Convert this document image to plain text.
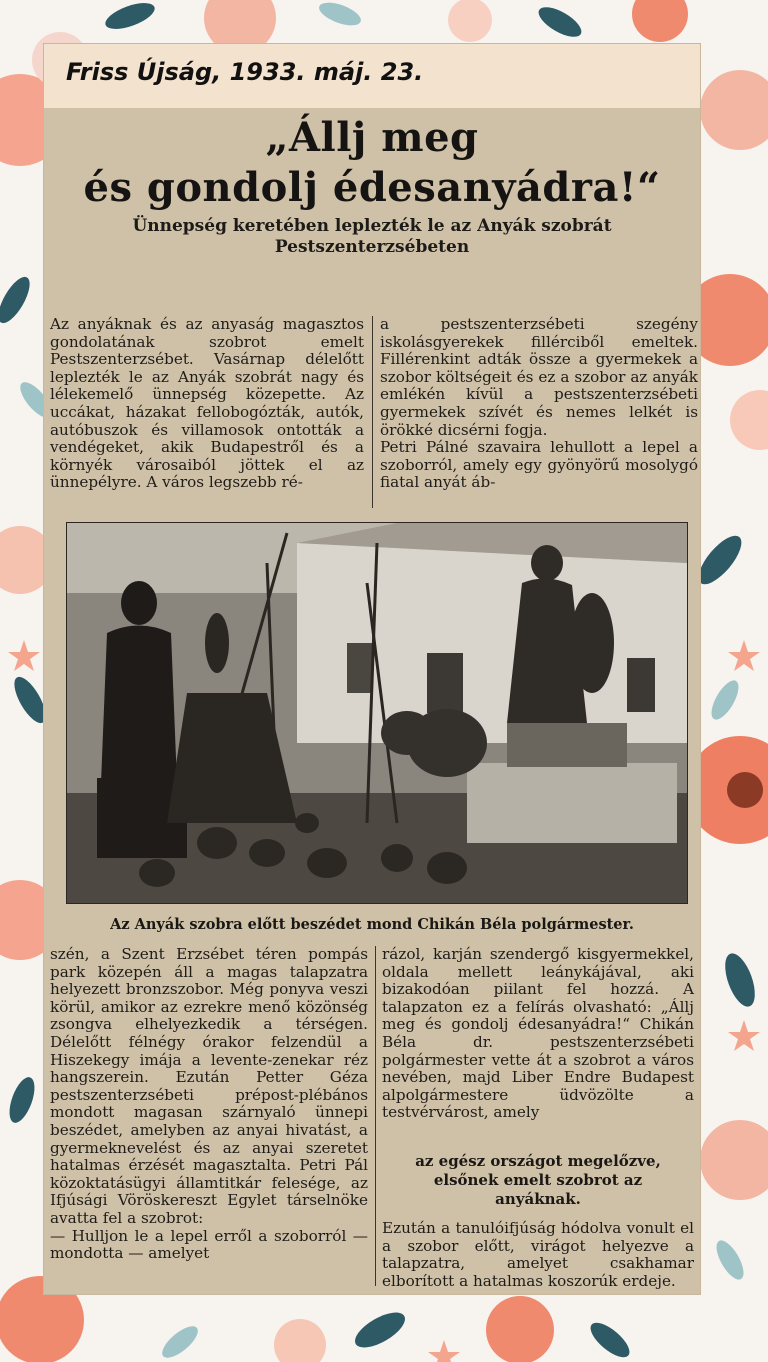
Friss Újság, 1933. máj. 23.
„Állj meg
és gondolj édesanyádra!“
Ünnepség keretében leplezték le az Anyák szobrát Pestszenterzsébeten

Az anyáknak és az anyaság magasztos gondolatának szobrot emelt Pestszenterzsébet. Vasárnap délelőtt leplezték le az Anyák szobrát nagy és lélekemelő ünnepség közepette. Az uccákat, házakat fellobogózták, autók, autóbuszok és villamosok ontották a vendégeket, akik Budapestről és a környék városaiból jöttek el az ünnepélyre. A város legszebb ré-

a pestszenterzsébeti szegény iskolásgyerekek fillérciből emeltek. Fillérenkint adták össze a gyermekek a szobor költségeit és ez a szobor az anyák emlékén kívül a pestszenterzsébeti gyermekek szívét és nemes lelkét is örökké dicsérni fogja.

Petri Pálné szavaira lehullott a lepel a szoborról, amely egy gyönyörű mosolygó fiatal anyát áb-

Az Anyák szobra előtt beszédet mond Chikán Béla polgármester.

szén, a Szent Erzsébet téren pompás park közepén áll a magas talapzatra helyezett bronzszobor. Még ponyva veszi körül, amikor az ezrekre menő közönség zsongva elhelyezkedik a térségen. Délelőtt félnégy órakor felzendül a Hiszekegy imája a levente-zenekar réz hangszerein. Ezután Petter Géza pestszenterzsébeti prépost-plébános mondott magasan szárnyaló ünnepi beszédet, amelyben az anyai hivatást, a gyermeknevelést és az anyai szeretet hatalmas érzését magasztalta. Petri Pál közoktatásügyi államtitkár felesége, az Ifjúsági Vöröskereszt Egylet társelnöke avatta fel a szobrot:

— Hulljon le a lepel erről a szoborról — mondotta — amelyet

rázol, karján szendergő kisgyermekkel, oldala mellett leánykájával, aki bizakodóan piilant fel hozzá. A talapzaton ez a felírás olvasható: „Állj meg és gondolj édesanyádra!“ Chikán Béla dr. pestszenterzsébeti polgármester vette át a szobrot a város nevében, majd Liber Endre Budapest alpolgármestere üdvözölte a testvérvárost, amely

az egész országot megelőzve,
elsőnek emelt szobrot az
anyáknak.

Ezután a tanulóifjúság hódolva vonult el a szobor előtt, virágot helyezve a talapzatra, amelyet csakhamar elborított a hatalmas koszorúk erdeje.
